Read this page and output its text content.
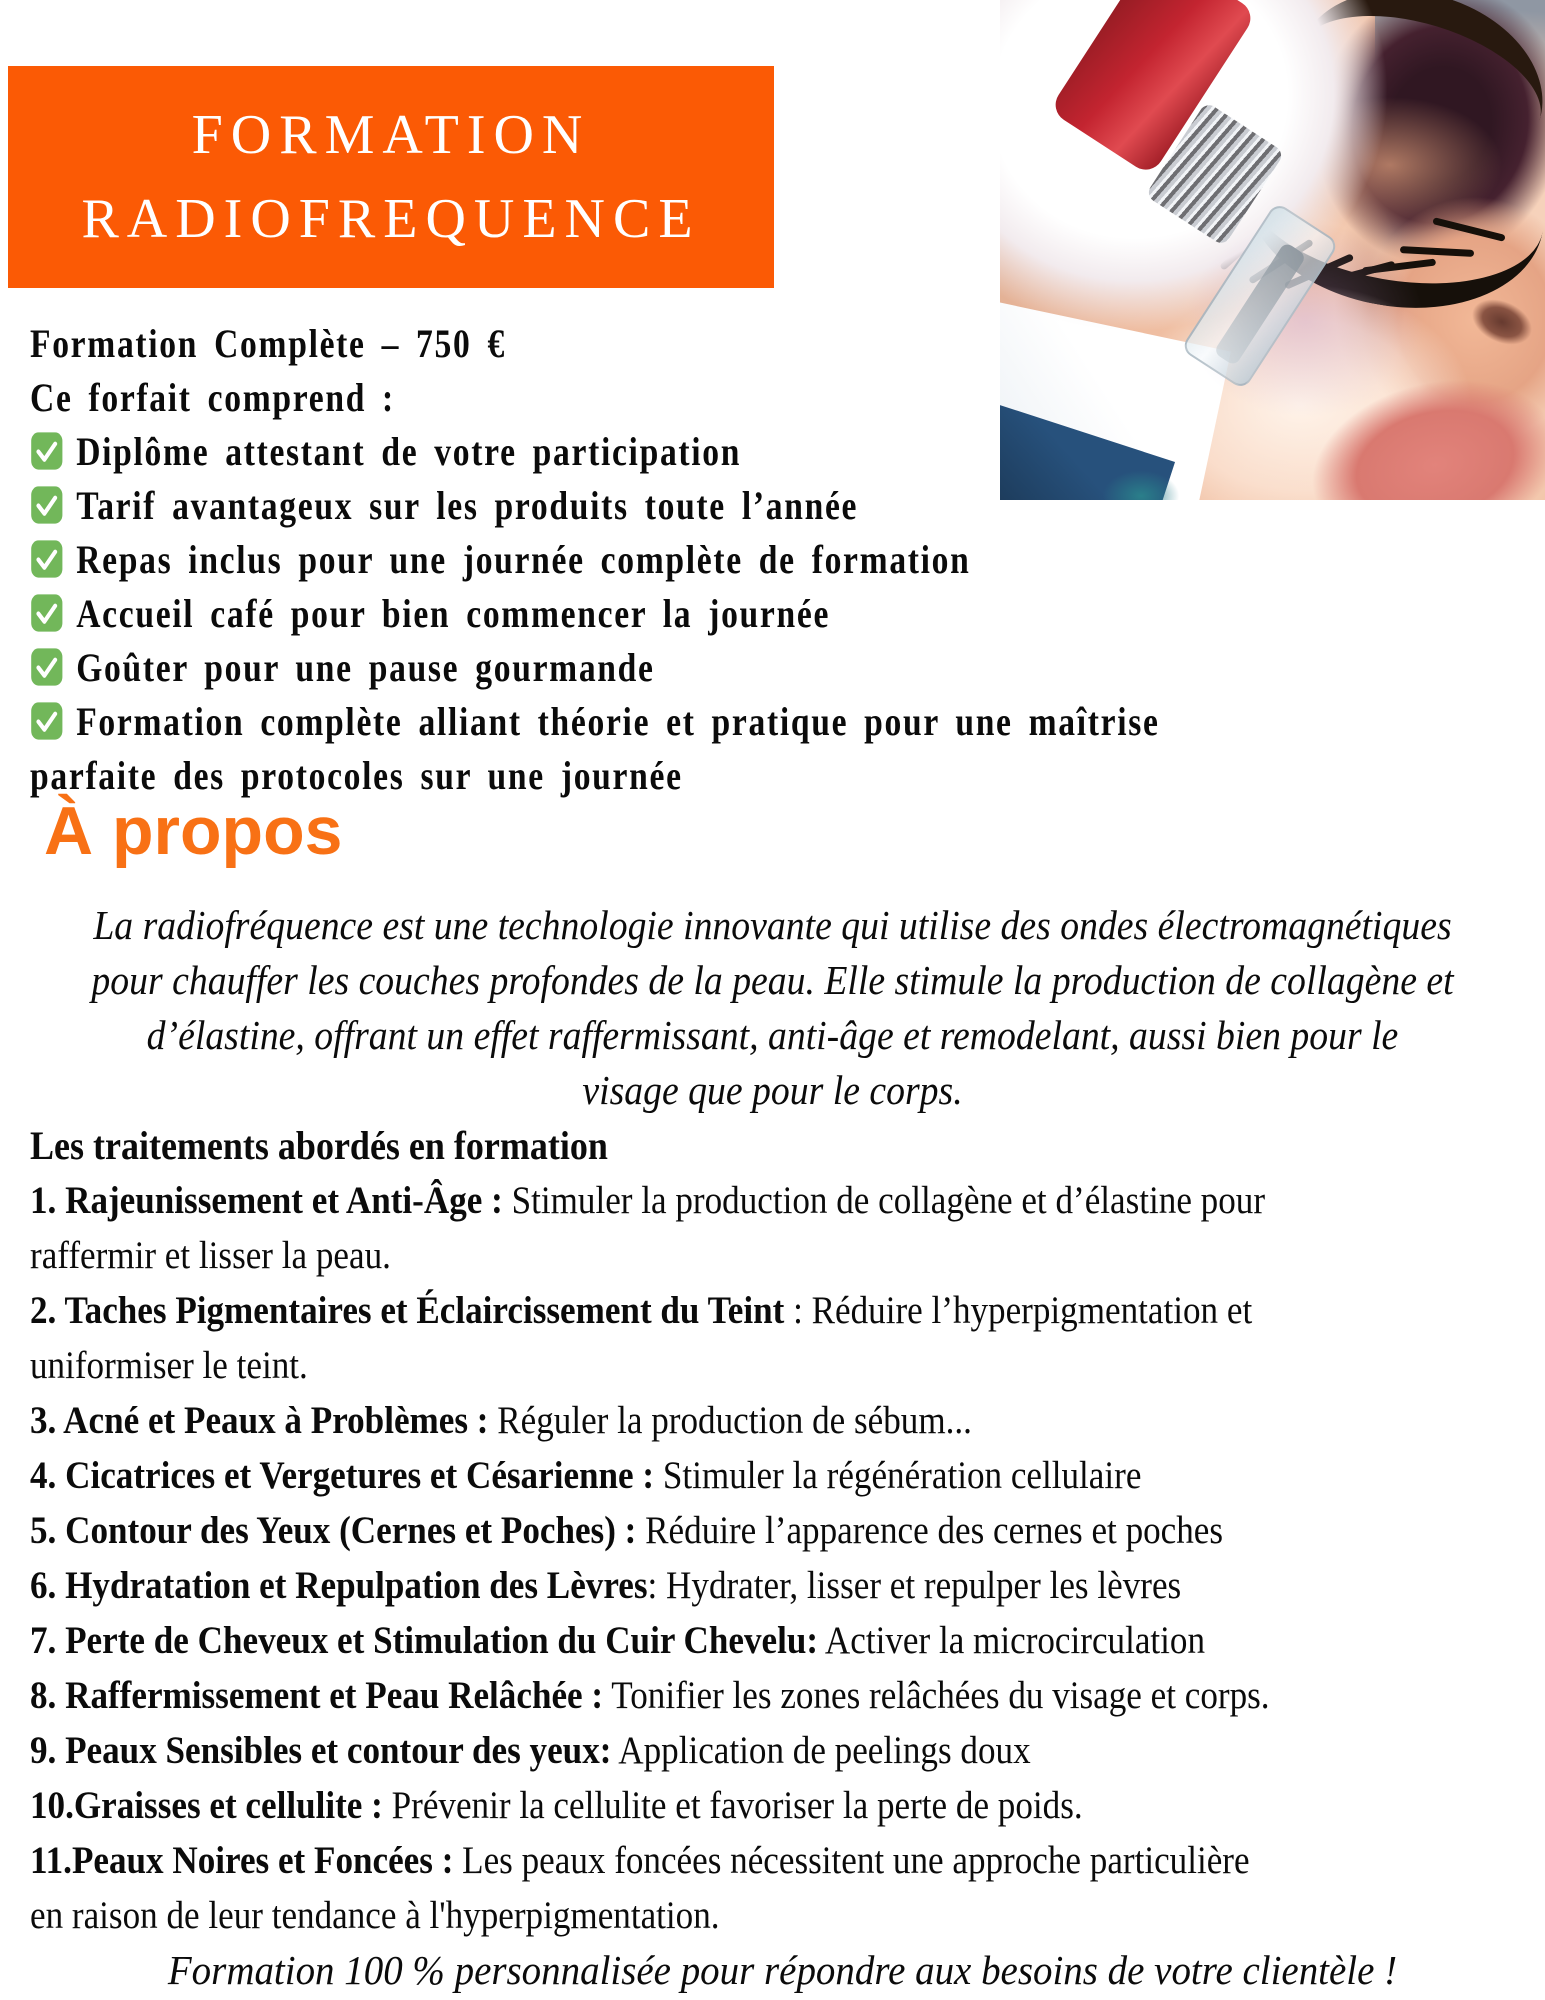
FORMATION
RADIOFREQUENCE
Formation Complète – 750 €
Ce forfait comprend :
Diplôme attestant de votre participation
Tarif avantageux sur les produits toute l’année
Repas inclus pour une journée complète de formation
Accueil café pour bien commencer la journée
Goûter pour une pause gourmande
Formation complète alliant théorie et pratique pour une maîtrise
parfaite des protocoles sur une journée
À propos
La radiofréquence est une technologie innovante qui utilise des ondes électromagnétiques
pour chauffer les couches profondes de la peau. Elle stimule la production de collagène et
d’élastine, offrant un effet raffermissant, anti-âge et remodelant, aussi bien pour le
visage que pour le corps.
Les traitements abordés en formation
1. Rajeunissement et Anti-Âge : Stimuler la production de collagène et d’élastine pour
raffermir et lisser la peau.
2. Taches Pigmentaires et Éclaircissement du Teint : Réduire l’hyperpigmentation et
uniformiser le teint.
3. Acné et Peaux à Problèmes : Réguler la production de sébum...
4. Cicatrices et Vergetures et Césarienne : Stimuler la régénération cellulaire
5. Contour des Yeux (Cernes et Poches) : Réduire l’apparence des cernes et poches
6. Hydratation et Repulpation des Lèvres: Hydrater, lisser et repulper les lèvres
7. Perte de Cheveux et Stimulation du Cuir Chevelu: Activer la microcirculation
8. Raffermissement et Peau Relâchée : Tonifier les zones relâchées du visage et corps.
9. Peaux Sensibles et contour des yeux: Application de peelings doux
10.Graisses et cellulite : Prévenir la cellulite et favoriser la perte de poids.
11.Peaux Noires et Foncées : Les peaux foncées nécessitent une approche particulière
en raison de leur tendance à l'hyperpigmentation.
Formation 100 % personnalisée pour répondre aux besoins de votre clientèle !
